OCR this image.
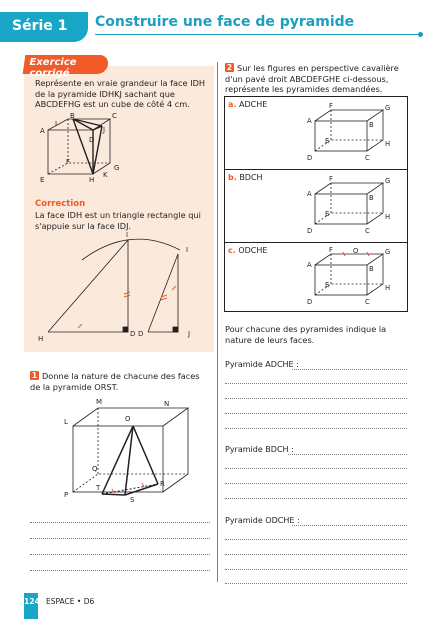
Série 1 Construire une face de pyramide
Exercice corrigé
Représente en vraie grandeur la face IDH de la pyramide IDHKJ sachant que ABCDEFHG est un cube de côté 4 cm.
A
B	C
D
E
F
G
H
I
J
K
Correction
La face IDH est un triangle rectangle qui s'appuie sur la face IDJ.
I
H
D D
I
J
1 Donne la nature de chacune des faces de la pyramide ORST.
M	N
L	O
Q
P
T	R
S
2 Sur les figures en perspective cavalière d'un pavé droit ABCDEFGHE ci-dessous, représente les pyramides demandées.
a. ADCHE	F	G
A	B
E	H
D	C
b. BDCH	F	G
A	B
E	H
D	C
c. ODCHE	F	O	G
A	B
E	H
D	C
Pour chacune des pyramides indique la nature de leurs faces.
Pyramide ADCHE :
Pyramide BDCH :
Pyramide ODCHE :
124 ESPACE • D6
